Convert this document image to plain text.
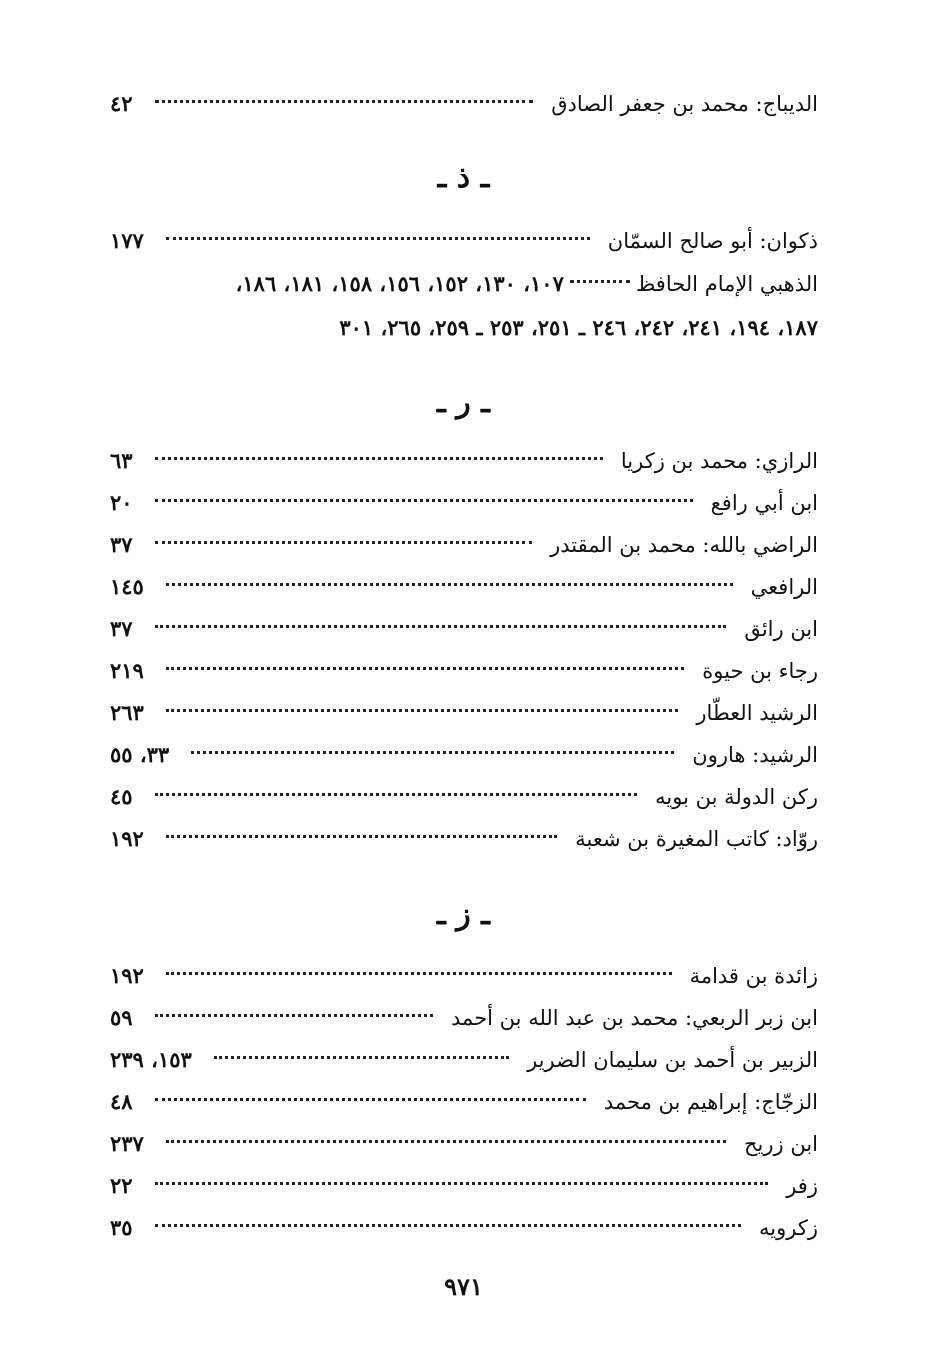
الديباج: محمد بن جعفر الصادق
٤٢
ـ ذ ـ
ذكوان: أبو صالح السمّان
١٧٧
الذهبي الإمام الحافظ
١٠٧، ١٣٠، ١٥٢، ١٥٦، ١٥٨، ١٨١، ١٨٦،
١٨٧، ١٩٤، ٢٤١، ٢٤٢، ٢٤٦ ـ ٢٥١، ٢٥٣ ـ ٢٥٩، ٢٦٥، ٣٠١
ـ ر ـ
الرازي: محمد بن زكريا
٦٣
ابن أبي رافع
٢٠
الراضي بالله: محمد بن المقتدر
٣٧
الرافعي
١٤٥
ابن رائق
٣٧
رجاء بن حيوة
٢١٩
الرشيد العطّار
٢٦٣
الرشيد: هارون
٣٣، ٥٥
ركن الدولة بن بويه
٤٥
روّاد: كاتب المغيرة بن شعبة
١٩٢
ـ ز ـ
زائدة بن قدامة
١٩٢
ابن زبر الربعي: محمد بن عبد الله بن أحمد
٥٩
الزبير بن أحمد بن سليمان الضرير
١٥٣، ٢٣٩
الزجّاج: إبراهيم بن محمد
٤٨
ابن زريح
٢٣٧
زفر
٢٢
زكرويه
٣٥
٩٧١
